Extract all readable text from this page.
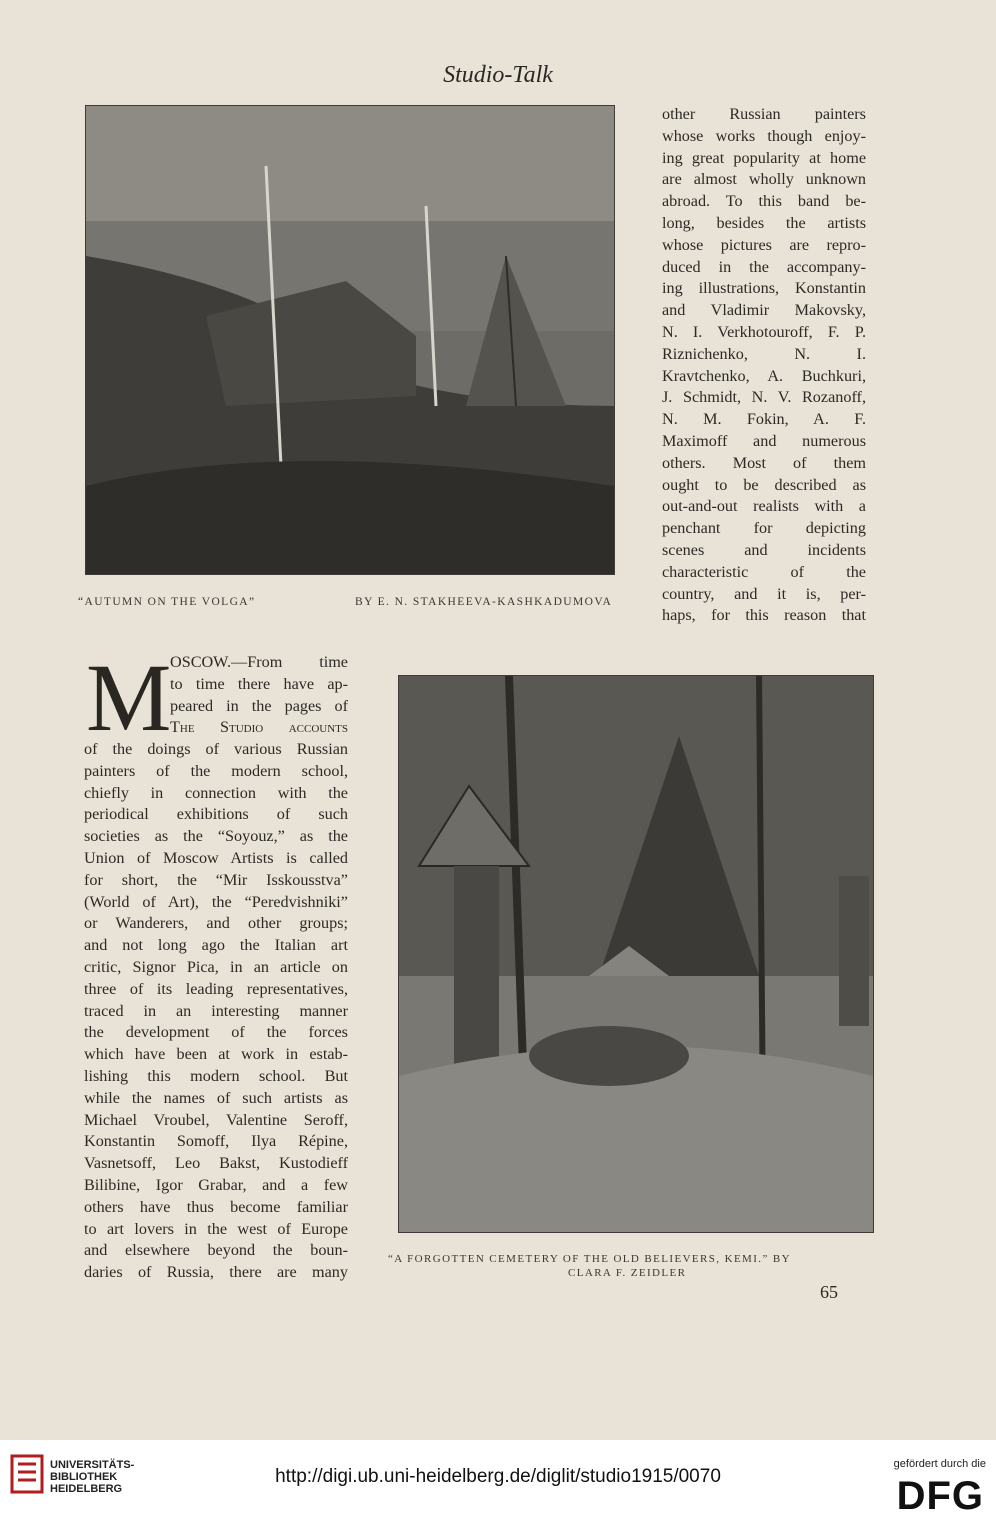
Studio-Talk
“AUTUMN ON THE VOLGA”	BY E. N. STAKHEEVA-KASHKADUMOVA
other Russian painters
whose works though enjoy-
ing great popularity at home
are almost wholly unknown
abroad. To this band be-
long, besides the artists
whose pictures are repro-
duced in the accompany-
ing illustrations, Konstantin
and Vladimir Makovsky,
N. I. Verkhotouroff, F. P.
Riznichenko, N. I.
Kravtchenko, A. Buchkuri,
J. Schmidt, N. V. Rozanoff,
N. M. Fokin, A. F.
Maximoff and numerous
others. Most of them
ought to be described as
out-and-out realists with a
penchant for depicting
scenes and incidents
characteristic of the
country, and it is, per-
haps, for this reason that
M
OSCOW.—From time
to time there have ap-
peared in the pages of
The Studio accounts
of the doings of various Russian
painters of the modern school,
chiefly in connection with the
periodical exhibitions of such
societies as the “Soyouz,” as the
Union of Moscow Artists is called
for short, the “Mir Isskousstva”
(World of Art), the “Peredvishniki”
or Wanderers, and other groups;
and not long ago the Italian art
critic, Signor Pica, in an article on
three of its leading representatives,
traced in an interesting manner
the development of the forces
which have been at work in estab-
lishing this modern school. But
while the names of such artists as
Michael Vroubel, Valentine Seroff,
Konstantin Somoff, Ilya Répine,
Vasnetsoff, Leo Bakst, Kustodieff
Bilibine, Igor Grabar, and a few
others have thus become familiar
to art lovers in the west of Europe
and elsewhere beyond the boun-
daries of Russia, there are many
“A FORGOTTEN CEMETERY OF THE OLD BELIEVERS, KEMI.” BY
CLARA F. ZEIDLER
65
UNIVERSITÄTS-
BIBLIOTHEK
HEIDELBERG
http://digi.ub.uni-heidelberg.de/diglit/studio1915/0070
gefördert durch die
DFG
